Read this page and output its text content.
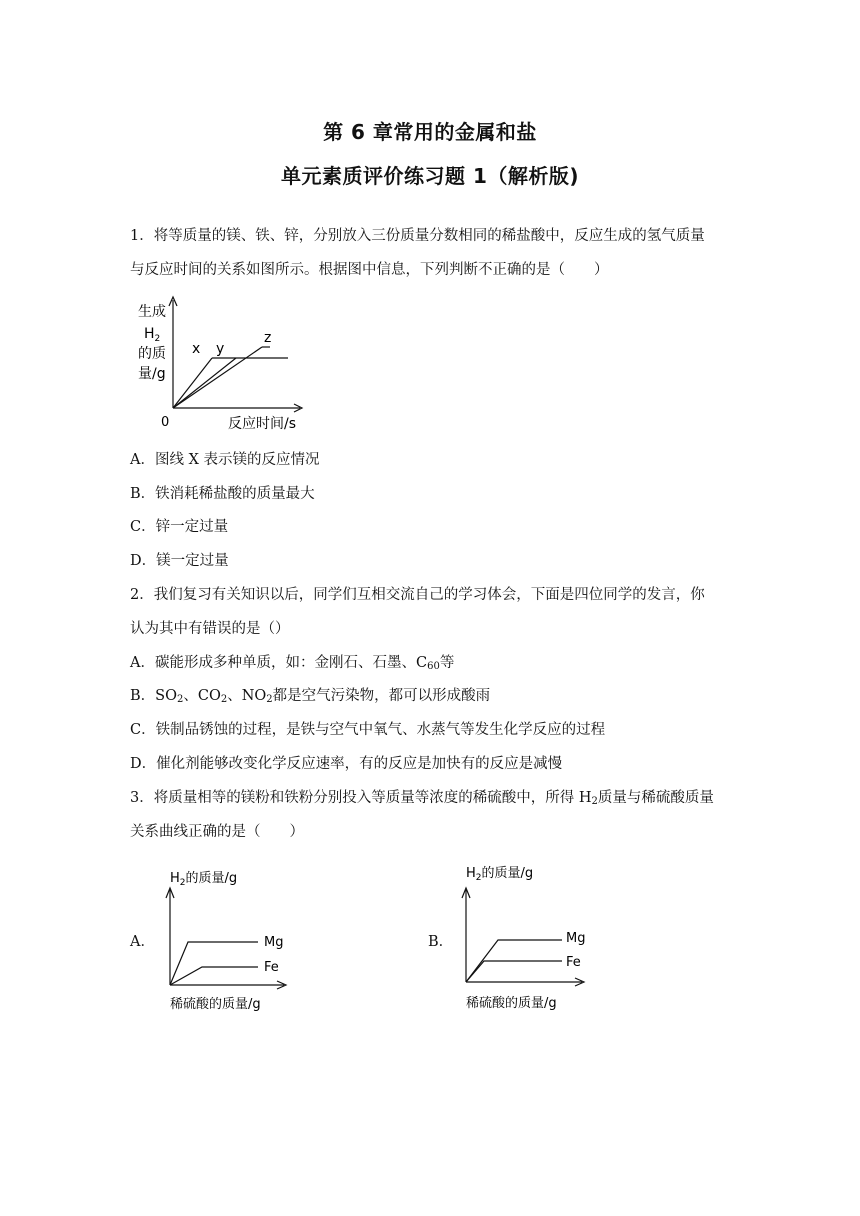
第 6 章常用的金属和盐
单元素质评价练习题 1（解析版)
1．将等质量的镁、铁、锌，分别放入三份质量分数相同的稀盐酸中，反应生成的氢气质量
与反应时间的关系如图所示。根据图中信息，下列判断不正确的是（　　）
生成
$H_2$
的质
量/g
0	反应时间/s
x y
z
A．图线 X 表示镁的反应情况
B．铁消耗稀盐酸的质量最大
C．锌一定过量
D．镁一定过量
2．我们复习有关知识以后，同学们互相交流自己的学习体会，下面是四位同学的发言，你
认为其中有错误的是（）
A．碳能形成多种单质，如：金刚石、石墨、$C_{60}$等
B．$SO_2$、$CO_2$、$NO_2$都是空气污染物，都可以形成酸雨
C．铁制品锈蚀的过程，是铁与空气中氧气、水蒸气等发生化学反应的过程
D．催化剂能够改变化学反应速率，有的反应是加快有的反应是减慢
3．将质量相等的镁粉和铁粉分别投入等质量等浓度的稀硫酸中，所得 $H_2$质量与稀硫酸质量
关系曲线正确的是（　　）
A．
$H_2$的质量/g
Mg
Fe
稀硫酸的质量/g
B．
$H_2$的质量/g
Mg
Fe
稀硫酸的质量/g
